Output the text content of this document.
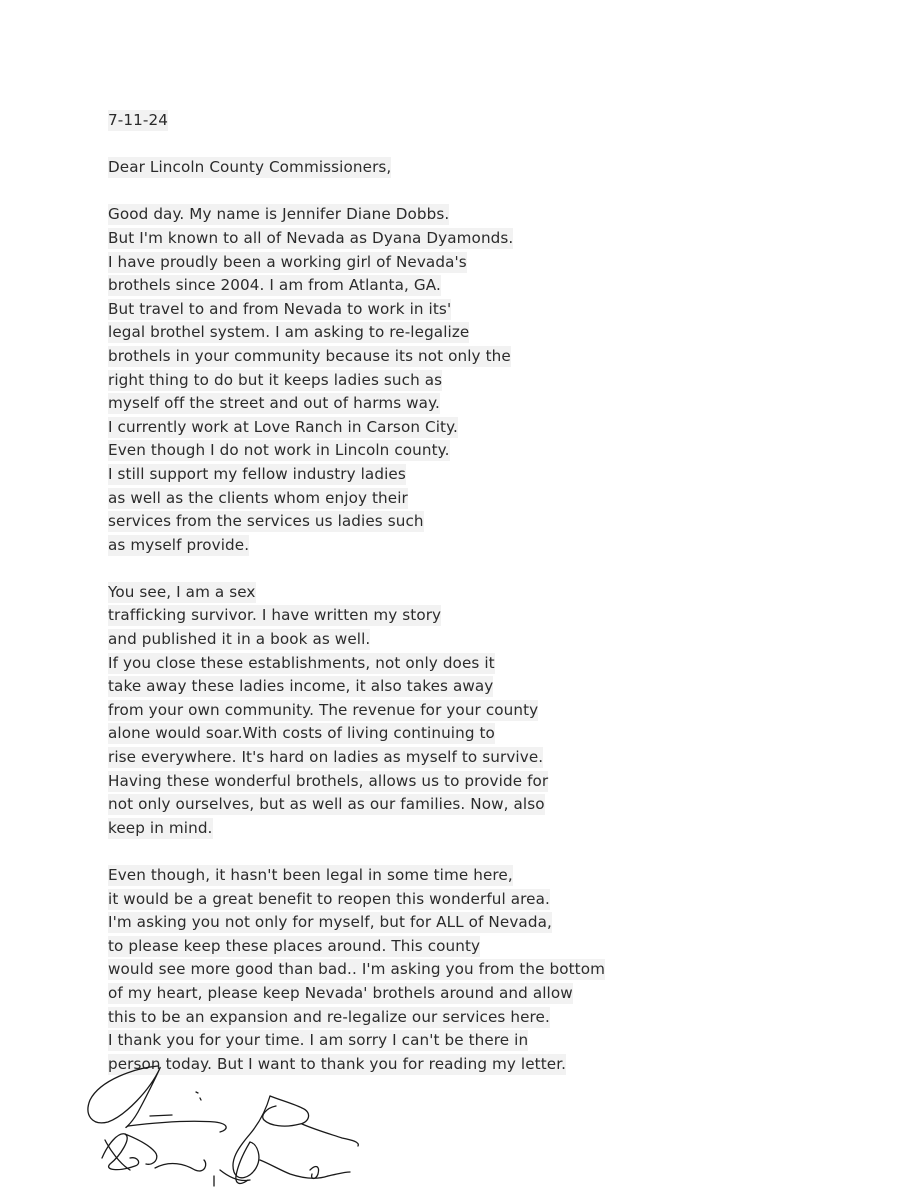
7-11-24
Dear Lincoln County Commissioners,
Good day. My name is Jennifer Diane Dobbs.
But I'm known to all of Nevada as Dyana Dyamonds.
I have proudly been a working girl of Nevada's
brothels since 2004. I am from Atlanta, GA.
But travel to and from Nevada to work in its'
legal brothel system. I am asking to re-legalize
brothels in your community because its not only the
right thing to do but it keeps ladies such as
myself off the street and out of harms way.
I currently work at Love Ranch in Carson City.
Even though I do not work in Lincoln county.
I still support my fellow industry ladies
as well as the clients whom enjoy their
services from the services us ladies such
as myself provide.
You see, I am a sex
trafficking survivor. I have written my story
and published it in a book as well.
If you close these establishments, not only does it
take away these ladies income, it also takes away
from your own community. The revenue for your county
alone would soar.With costs of living continuing to
rise everywhere. It's hard on ladies as myself to survive.
Having these wonderful brothels, allows us to provide for
not only ourselves, but as well as our families. Now, also
keep in mind.
Even though, it hasn't been legal in some time here,
it would be a great benefit to reopen this wonderful area.
I'm asking you not only for myself, but for ALL of Nevada,
to please keep these places around. This county
would see more good than bad.. I'm asking you from the bottom
of my heart, please keep Nevada' brothels around and allow
this to be an expansion and re-legalize our services here.
I thank you for your time. I am sorry I can't be there in
person today. But I want to thank you for reading my letter.
